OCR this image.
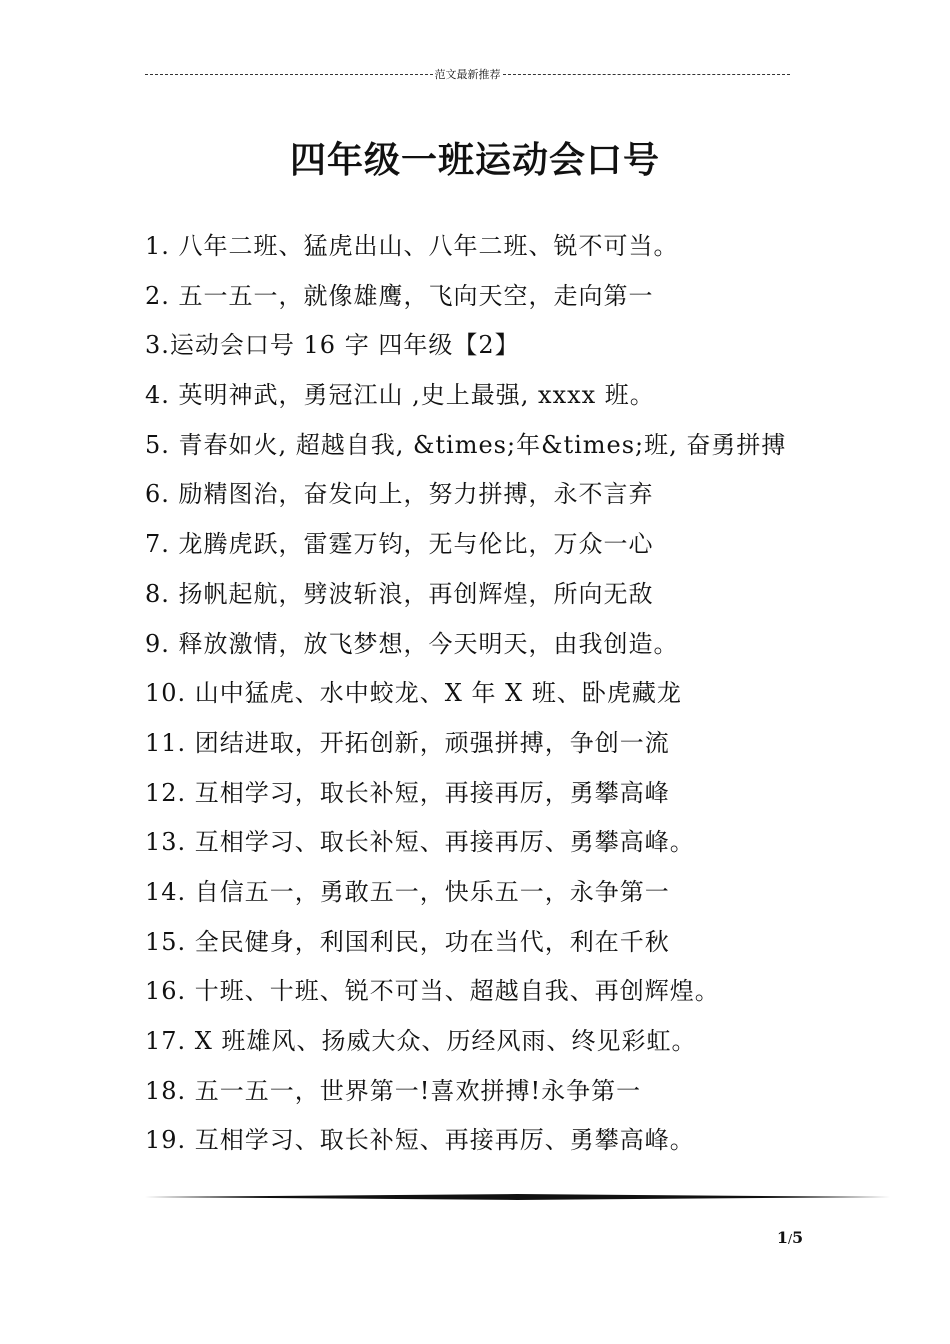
范文最新推荐
四年级一班运动会口号
1. 八年二班、猛虎出山、八年二班、锐不可当。
2. 五一五一，就像雄鹰，飞向天空，走向第一
3.运动会口号 16 字 四年级【2】
4. 英明神武，勇冠江山 ,史上最强, xxxx 班。
5. 青春如火, 超越自我, &times;年&times;班, 奋勇拼搏
6. 励精图治，奋发向上，努力拼搏，永不言弃
7. 龙腾虎跃，雷霆万钧，无与伦比，万众一心
8. 扬帆起航，劈波斩浪，再创辉煌，所向无敌
9. 释放激情，放飞梦想，今天明天，由我创造。
10. 山中猛虎、水中蛟龙、X 年 X 班、卧虎藏龙
11. 团结进取，开拓创新，顽强拼搏，争创一流
12. 互相学习，取长补短，再接再厉，勇攀高峰
13. 互相学习、取长补短、再接再厉、勇攀高峰。
14. 自信五一，勇敢五一，快乐五一，永争第一
15. 全民健身，利国利民，功在当代，利在千秋
16. 十班、十班、锐不可当、超越自我、再创辉煌。
17. X 班雄风、扬威大众、历经风雨、终见彩虹。
18. 五一五一，世界第一!喜欢拼搏!永争第一
19. 互相学习、取长补短、再接再厉、勇攀高峰。
1/5
